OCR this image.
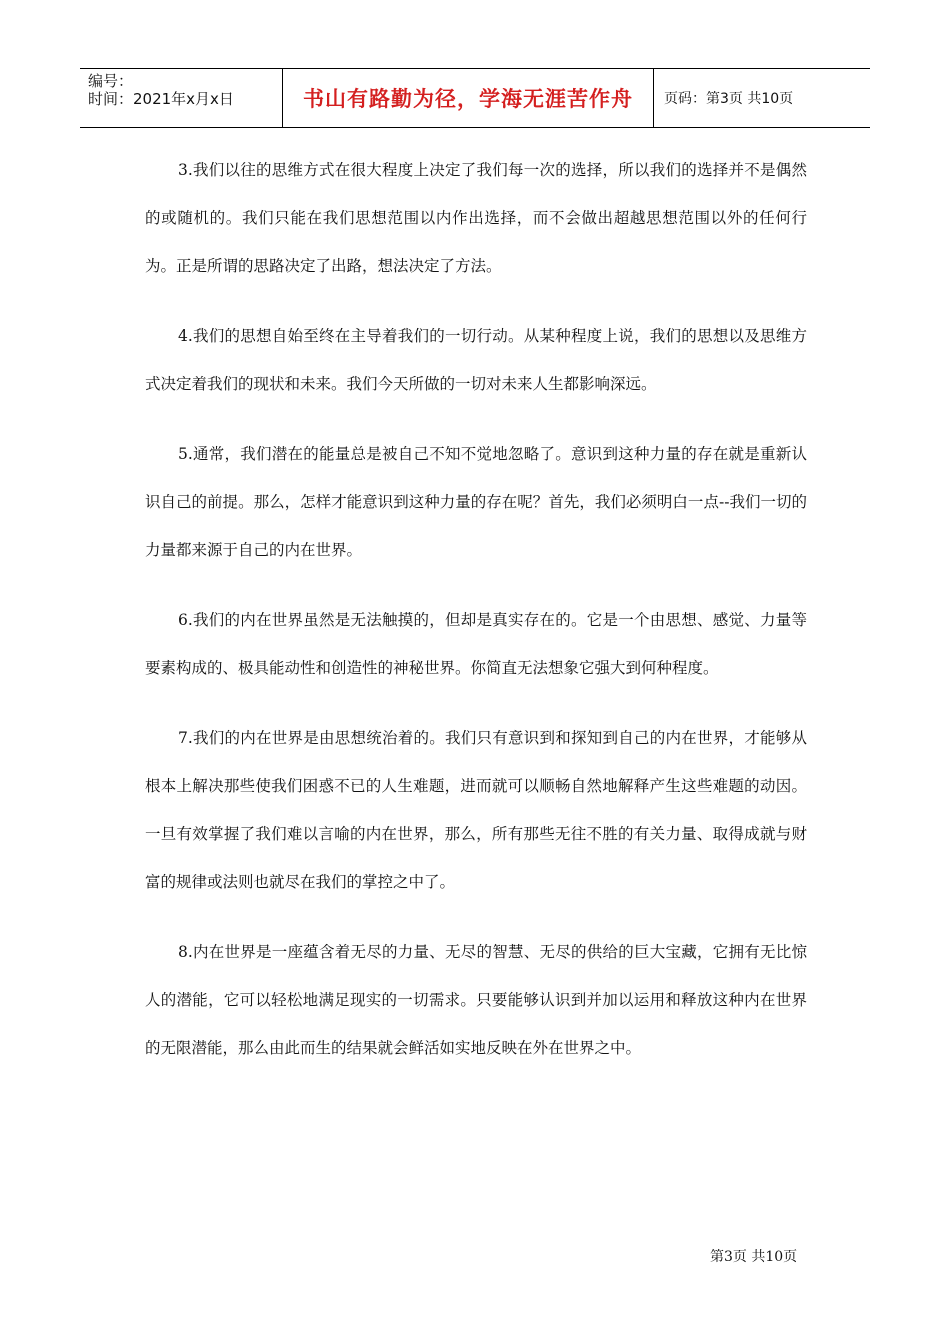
编号：
时间：2021年x月x日	书山有路勤为径，学海无涯苦作舟 页码：第3页 共10页

3.我们以往的思维方式在很大程度上决定了我们每一次的选择，所以我们的选择并不是偶然的或随机的。我们只能在我们思想范围以内作出选择，而不会做出超越思想范围以外的任何行为。正是所谓的思路决定了出路，想法决定了方法。

4.我们的思想自始至终在主导着我们的一切行动。从某种程度上说，我们的思想以及思维方式决定着我们的现状和未来。我们今天所做的一切对未来人生都影响深远。

5.通常，我们潜在的能量总是被自己不知不觉地忽略了。意识到这种力量的存在就是重新认识自己的前提。那么，怎样才能意识到这种力量的存在呢？首先，我们必须明白一点--我们一切的力量都来源于自己的内在世界。

6.我们的内在世界虽然是无法触摸的，但却是真实存在的。它是一个由思想、感觉、力量等要素构成的、极具能动性和创造性的神秘世界。你简直无法想象它强大到何种程度。

7.我们的内在世界是由思想统治着的。我们只有意识到和探知到自己的内在世界，才能够从根本上解决那些使我们困惑不已的人生难题，进而就可以顺畅自然地解释产生这些难题的动因。一旦有效掌握了我们难以言喻的内在世界，那么，所有那些无往不胜的有关力量、取得成就与财富的规律或法则也就尽在我们的掌控之中了。

8.内在世界是一座蕴含着无尽的力量、无尽的智慧、无尽的供给的巨大宝藏，它拥有无比惊人的潜能，它可以轻松地满足现实的一切需求。只要能够认识到并加以运用和释放这种内在世界的无限潜能，那么由此而生的结果就会鲜活如实地反映在外在世界之中。

第3页 共10页
